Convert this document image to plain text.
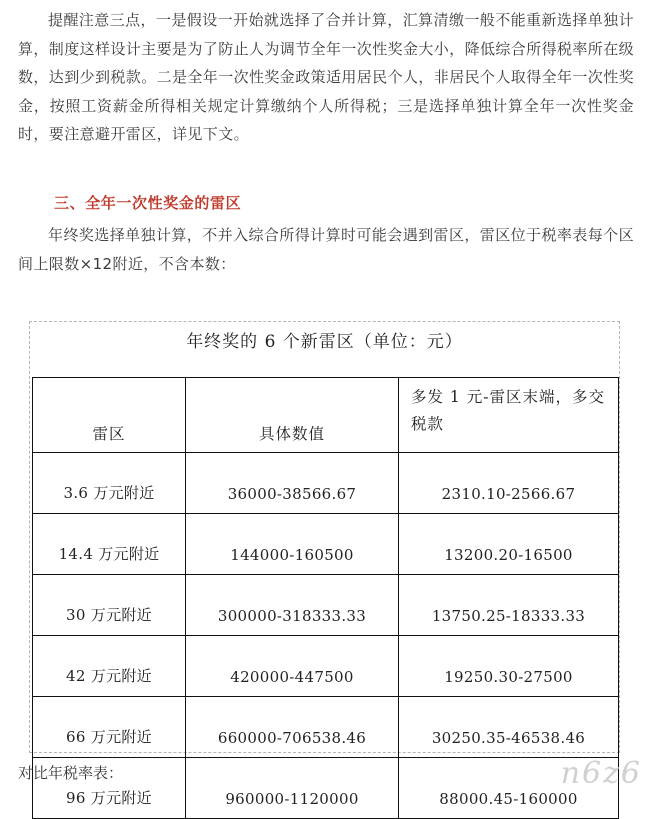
提醒注意三点，一是假设一开始就选择了合并计算，汇算清缴一般不能重新选择单独计算，制度这样设计主要是为了防止人为调节全年一次性奖金大小，降低综合所得税率所在级数，达到少到税款。二是全年一次性奖金政策适用居民个人，非居民个人取得全年一次性奖金，按照工资薪金所得相关规定计算缴纳个人所得税；三是选择单独计算全年一次性奖金时，要注意避开雷区，详见下文。

三、全年一次性奖金的雷区

年终奖选择单独计算，不并入综合所得计算时可能会遇到雷区，雷区位于税率表每个区间上限数×12附近，不含本数：

年终奖的 6 个新雷区（单位：元）
雷区	具体数值	多发 1 元-雷区末端，多交税款
3.6 万元附近	36000-38566.67	2310.10-2566.67
14.4 万元附近	144000-160500	13200.20-16500
30 万元附近	300000-318333.33	13750.25-18333.33
42 万元附近	420000-447500	19250.30-27500
66 万元附近	660000-706538.46	30250.35-46538.46
96 万元附近	960000-1120000	88000.45-160000
对比年税率表：	n6z6
